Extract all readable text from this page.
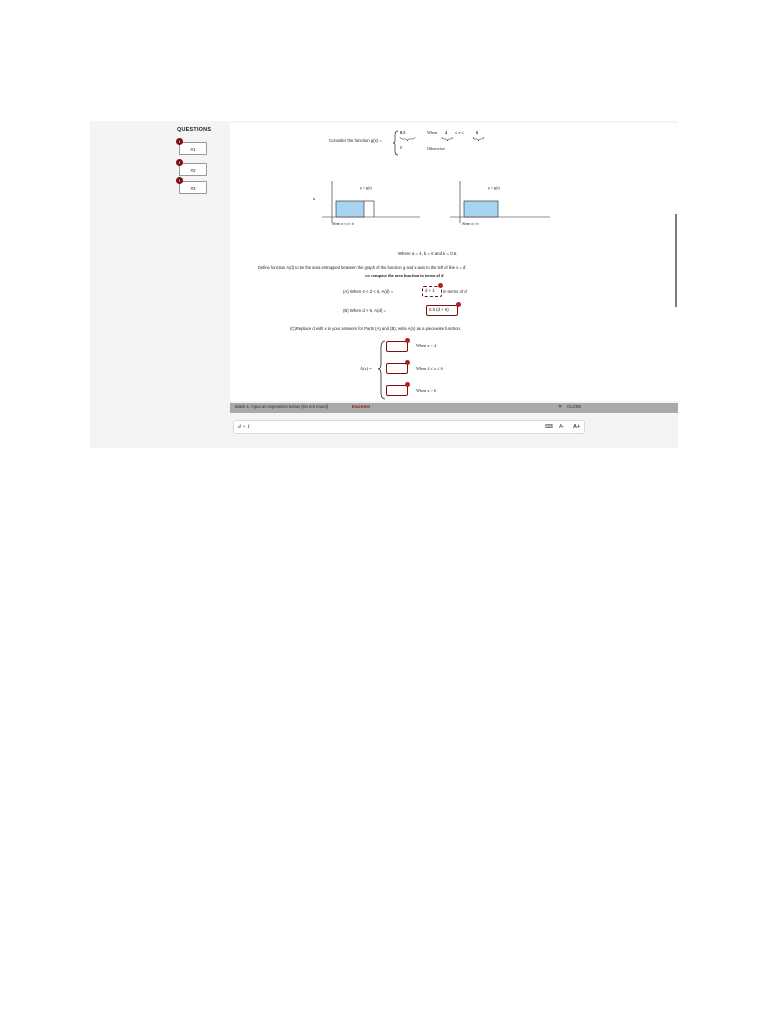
QUESTIONS
!
#1
!
#2
!
#3
Consider the function g(x) =
0.5	When 4 ≤ x ≤	6
0	Otherwise
y = g(x)
When a < d < b
y = g(x)
When d > b
Where a = 4, b = 6 and k = 0.5.
Define function A(d) to be the area entrapped between the graph of the function g and x-axis to the left of line x = d:
we compose the area function in terms of d
(A) When 4 < d < 6, A(d) =	d + 1	in terms of d
(B) When d > 6, A(d) =	0.5 (d + 6)
(C)Replace d with x in your answers for Parts (A) and (B); write A(x) as a piecewise function.
A(x) =
When x < 4
When 4 ≤ x ≤ 6
When x > 6
Blank 1: Input an expression below (Do not round)	Incorrect	✕ CLOSE
d + 1	⌨ A- A+
